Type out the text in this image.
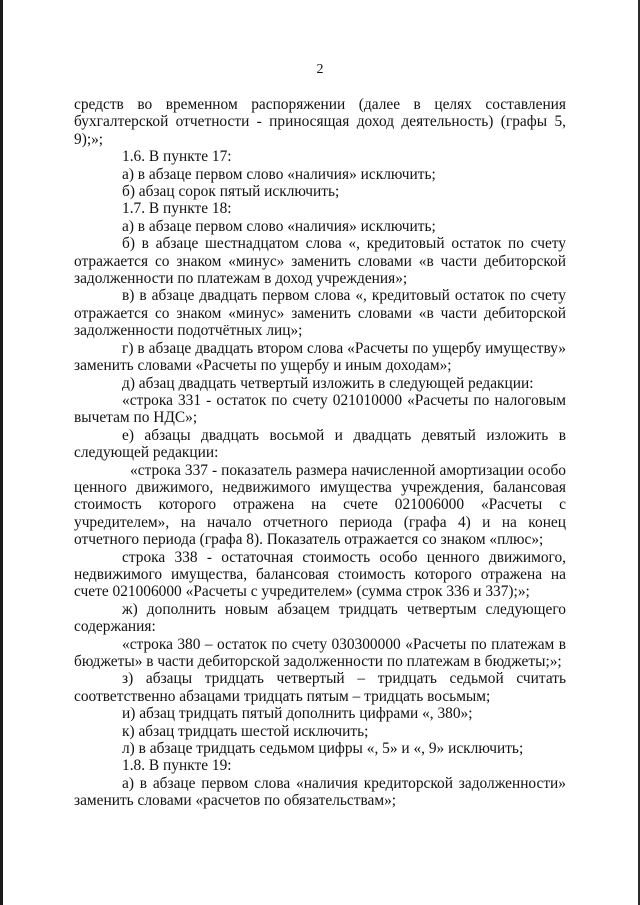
2

средств во временном распоряжении (далее в целях составления бухгалтерской отчетности - приносящая доход деятельность) (графы 5, 9);»;

1.6. В пункте 17:

а) в абзаце первом слово «наличия» исключить;

б) абзац сорок пятый исключить;

1.7. В пункте 18:

а) в абзаце первом слово «наличия» исключить;

б) в абзаце шестнадцатом слова «, кредитовый остаток по счету отражается со знаком «минус» заменить словами «в части дебиторской задолженности по платежам в доход учреждения»;

в) в абзаце двадцать первом слова «, кредитовый остаток по счету отражается со знаком «минус» заменить словами «в части дебиторской задолженности подотчётных лиц»;

г) в абзаце двадцать втором слова «Расчеты по ущербу имуществу» заменить словами «Расчеты по ущербу и иным доходам»;

д) абзац двадцать четвертый изложить в следующей редакции:

«строка 331 - остаток по счету 021010000 «Расчеты по налоговым вычетам по НДС»;

е) абзацы двадцать восьмой и двадцать девятый изложить в следующей редакции:

«строка 337 - показатель размера начисленной амортизации особо ценного движимого, недвижимого имущества учреждения, балансовая стоимость которого отражена на счете 021006000 «Расчеты с учредителем», на начало отчетного периода (графа 4) и на конец отчетного периода (графа 8). Показатель отражается со знаком «плюс»;

строка 338 - остаточная стоимость особо ценного движимого, недвижимого имущества, балансовая стоимость которого отражена на счете 021006000 «Расчеты с учредителем» (сумма строк 336 и 337);»;

ж) дополнить новым абзацем тридцать четвертым следующего содержания:

«строка 380 – остаток по счету 030300000 «Расчеты по платежам в бюджеты» в части дебиторской задолженности по платежам в бюджеты;»;

з) абзацы тридцать четвертый – тридцать седьмой считать соответственно абзацами тридцать пятым – тридцать восьмым;

и) абзац тридцать пятый дополнить цифрами «, 380»;

к) абзац тридцать шестой исключить;

л) в абзаце тридцать седьмом цифры «, 5» и «, 9» исключить;

1.8. В пункте 19:

а) в абзаце первом слова «наличия кредиторской задолженности» заменить словами «расчетов по обязательствам»;
